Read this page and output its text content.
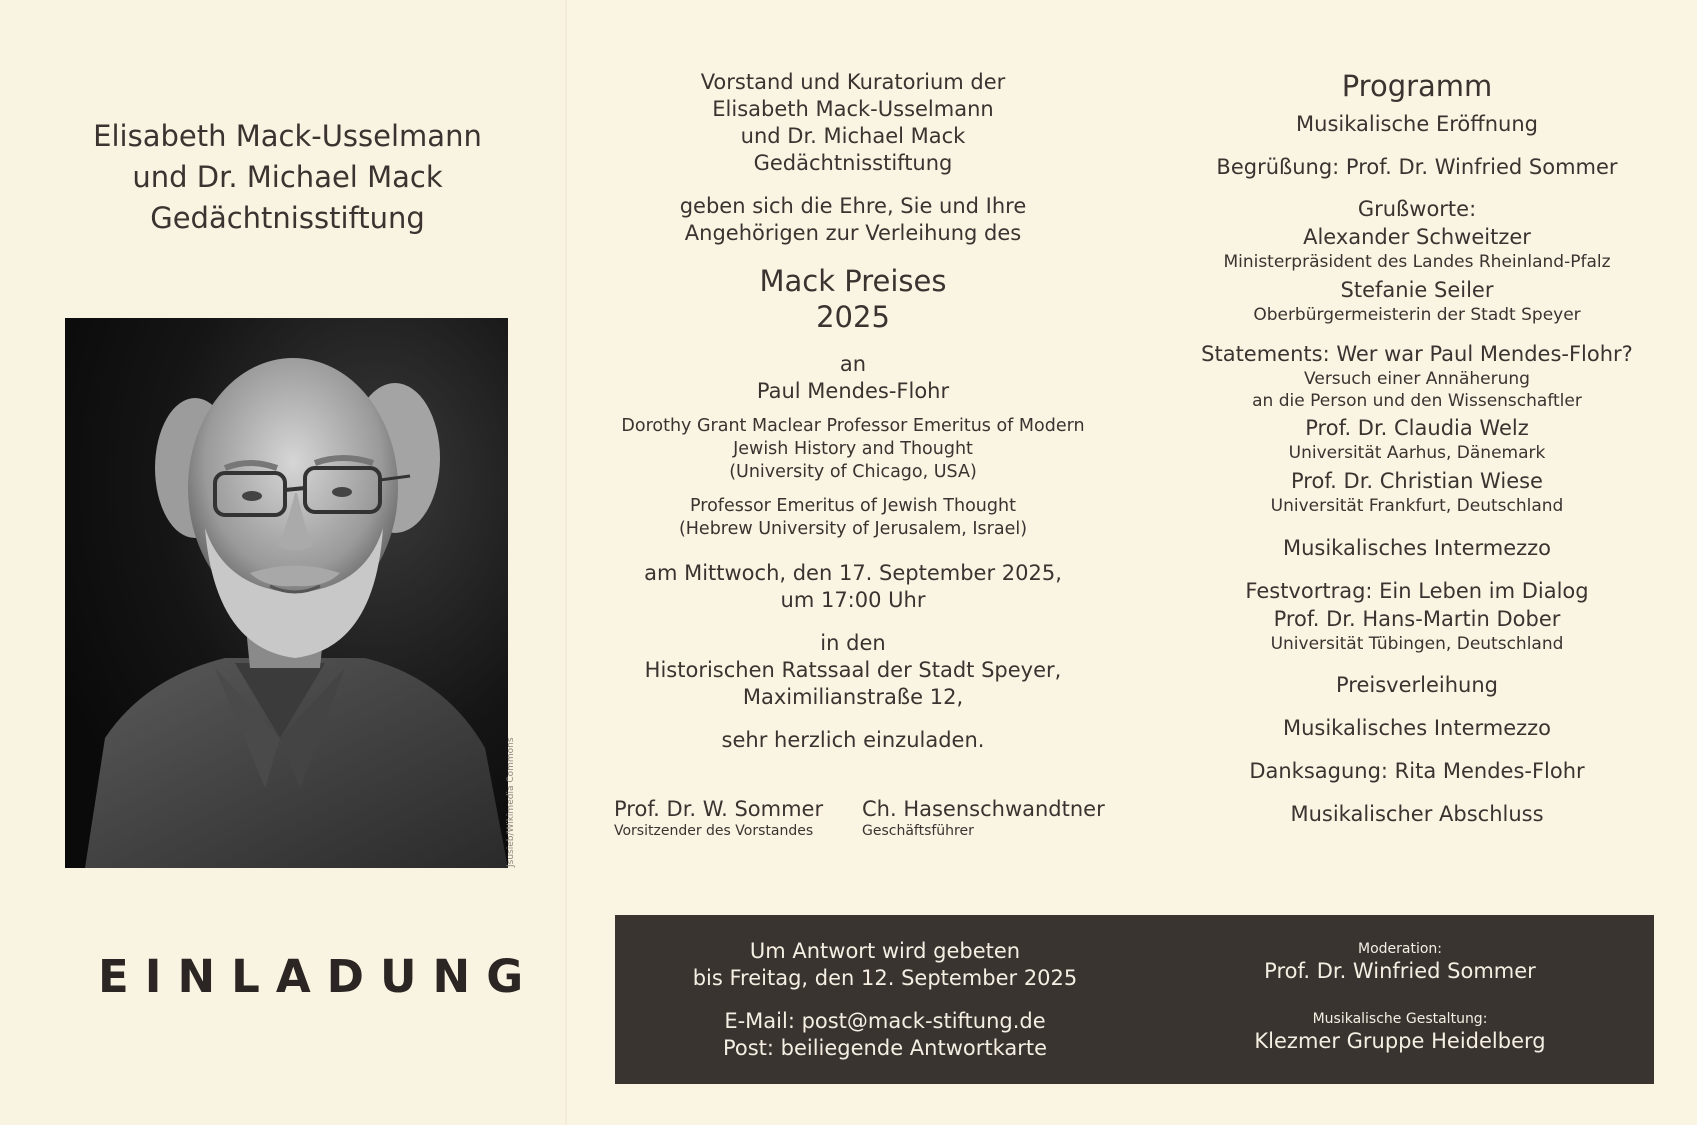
Elisabeth Mack-Usselmann
und Dr. Michael Mack
Gedächtnisstiftung
Jsusieb/Wikimedia Commons
EINLADUNG
Vorstand und Kuratorium der
Elisabeth Mack-Usselmann
und Dr. Michael Mack
Gedächtnisstiftung
geben sich die Ehre, Sie und Ihre
Angehörigen zur Verleihung des
Mack Preises
2025
an
Paul Mendes-Flohr
Dorothy Grant Maclear Professor Emeritus of Modern
Jewish History and Thought
(University of Chicago, USA)
Professor Emeritus of Jewish Thought
(Hebrew University of Jerusalem, Israel)
am Mittwoch, den 17. September 2025,
um 17:00 Uhr
in den
Historischen Ratssaal der Stadt Speyer,
Maximilianstraße 12,
sehr herzlich einzuladen.
Prof. Dr. W. Sommer
Vorsitzender des Vorstandes
Ch. Hasenschwandtner
Geschäftsführer
Programm
Musikalische Eröffnung
Begrüßung: Prof. Dr. Winfried Sommer
Grußworte:
Alexander Schweitzer
Ministerpräsident des Landes Rheinland-Pfalz
Stefanie Seiler
Oberbürgermeisterin der Stadt Speyer
Statements: Wer war Paul Mendes-Flohr?
Versuch einer Annäherung
an die Person und den Wissenschaftler
Prof. Dr. Claudia Welz
Universität Aarhus, Dänemark
Prof. Dr. Christian Wiese
Universität Frankfurt, Deutschland
Musikalisches Intermezzo
Festvortrag: Ein Leben im Dialog
Prof. Dr. Hans-Martin Dober
Universität Tübingen, Deutschland
Preisverleihung
Musikalisches Intermezzo
Danksagung: Rita Mendes-Flohr
Musikalischer Abschluss
Um Antwort wird gebeten
bis Freitag, den 12. September 2025
E-Mail: post@mack-stiftung.de
Post: beiliegende Antwortkarte
Moderation:
Prof. Dr. Winfried Sommer
Musikalische Gestaltung:
Klezmer Gruppe Heidelberg
